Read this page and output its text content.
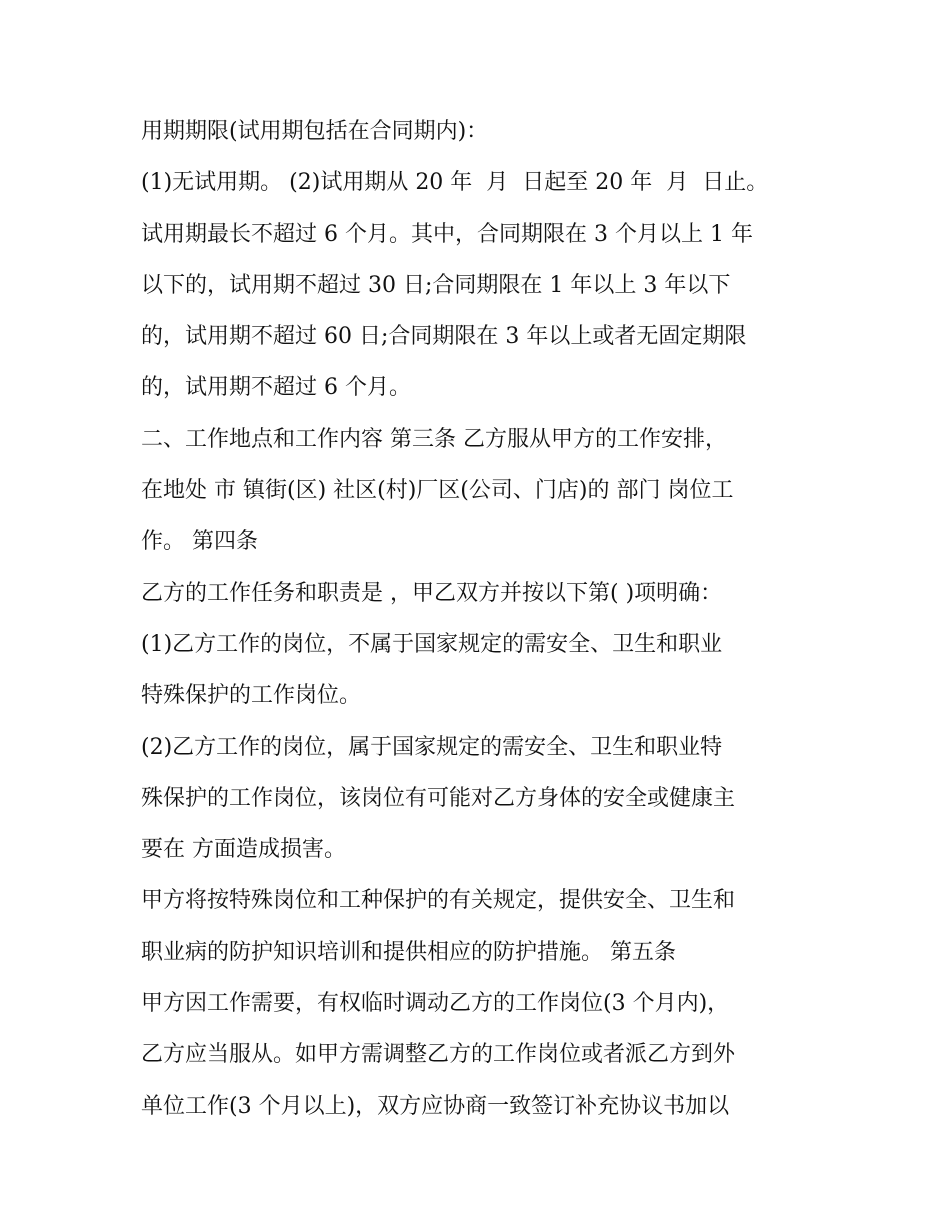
用期期限(试用期包括在合同期内)：
(1)无试用期。 (2)试用期从 20 年  月  日起至 20 年  月  日止。
试用期最长不超过 6 个月。其中，合同期限在 3 个月以上 1 年
以下的，试用期不超过 30 日;合同期限在 1 年以上 3 年以下
的，试用期不超过 60 日;合同期限在 3 年以上或者无固定期限
的，试用期不超过 6 个月。
二、工作地点和工作内容 第三条 乙方服从甲方的工作安排，
在地处 市 镇街(区) 社区(村)厂区(公司、门店)的 部门 岗位工
作。 第四条
乙方的工作任务和职责是 ，甲乙双方并按以下第( )项明确：
(1)乙方工作的岗位，不属于国家规定的需安全、卫生和职业
特殊保护的工作岗位。
(2)乙方工作的岗位，属于国家规定的需安全、卫生和职业特
殊保护的工作岗位，该岗位有可能对乙方身体的安全或健康主
要在 方面造成损害。
甲方将按特殊岗位和工种保护的有关规定，提供安全、卫生和
职业病的防护知识培训和提供相应的防护措施。 第五条
甲方因工作需要，有权临时调动乙方的工作岗位(3 个月内)，
乙方应当服从。如甲方需调整乙方的工作岗位或者派乙方到外
单位工作(3 个月以上)，双方应协商一致签订补充协议书加以
